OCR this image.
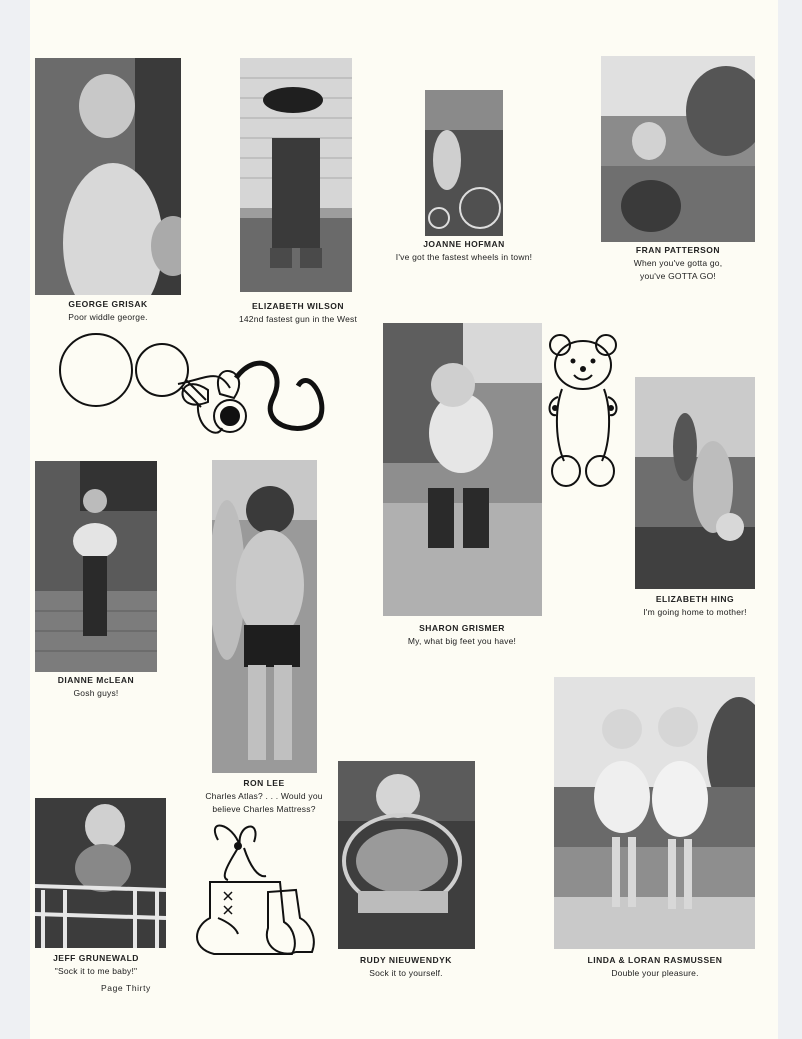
GEORGE GRISAK
Poor widdle george.
ELIZABETH WILSON
142nd fastest gun in the West
JOANNE HOFMAN
I've got the fastest wheels in town!
FRAN PATTERSON
When you've gotta go,
you've GOTTA GO!
SHARON GRISMER
My, what big feet you have!
ELIZABETH HING
I'm going home to mother!
DIANNE McLEAN
Gosh guys!
RON LEE
Charles Atlas? . . . Would you
believe Charles Mattress?
JEFF GRUNEWALD
"Sock it to me baby!"
Page Thirty
RUDY NIEUWENDYK
Sock it to yourself.
LINDA & LORAN RASMUSSEN
Double your pleasure.
